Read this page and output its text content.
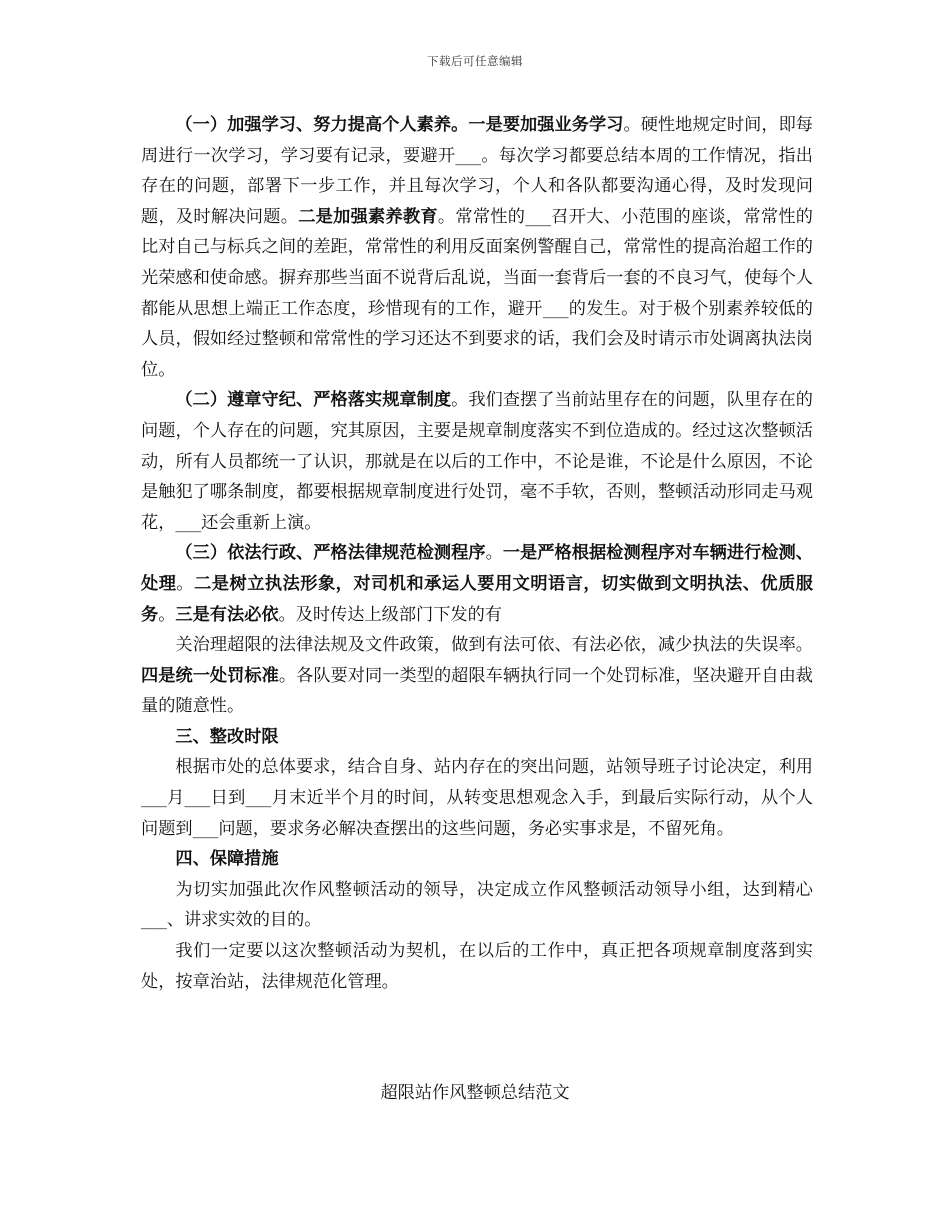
下载后可任意编辑

（一）加强学习、努力提高个人素养。一是要加强业务学习。硬性地规定时间，即每周进行一次学习，学习要有记录，要避开___。每次学习都要总结本周的工作情况，指出存在的问题，部署下一步工作，并且每次学习，个人和各队都要沟通心得，及时发现问题，及时解决问题。二是加强素养教育。常常性的___召开大、小范围的座谈，常常性的比对自己与标兵之间的差距，常常性的利用反面案例警醒自己，常常性的提高治超工作的光荣感和使命感。摒弃那些当面不说背后乱说，当面一套背后一套的不良习气，使每个人都能从思想上端正工作态度，珍惜现有的工作，避开___的发生。对于极个别素养较低的人员，假如经过整顿和常常性的学习还达不到要求的话，我们会及时请示市处调离执法岗位。

（二）遵章守纪、严格落实规章制度。我们查摆了当前站里存在的问题，队里存在的问题，个人存在的问题，究其原因，主要是规章制度落实不到位造成的。经过这次整顿活动，所有人员都统一了认识，那就是在以后的工作中，不论是谁，不论是什么原因，不论是触犯了哪条制度，都要根据规章制度进行处罚，毫不手软，否则，整顿活动形同走马观花，___还会重新上演。

（三）依法行政、严格法律规范检测程序。一是严格根据检测程序对车辆进行检测、处理。二是树立执法形象，对司机和承运人要用文明语言，切实做到文明执法、优质服务。三是有法必依。及时传达上级部门下发的有

关治理超限的法律法规及文件政策，做到有法可依、有法必依，减少执法的失误率。四是统一处罚标准。各队要对同一类型的超限车辆执行同一个处罚标准，坚决避开自由裁量的随意性。

三、整改时限

根据市处的总体要求，结合自身、站内存在的突出问题，站领导班子讨论决定，利用___月___日到___月末近半个月的时间，从转变思想观念入手，到最后实际行动，从个人问题到___问题，要求务必解决查摆出的这些问题，务必实事求是，不留死角。

四、保障措施

为切实加强此次作风整顿活动的领导，决定成立作风整顿活动领导小组，达到精心___、讲求实效的目的。

我们一定要以这次整顿活动为契机，在以后的工作中，真正把各项规章制度落到实处，按章治站，法律规范化管理。

超限站作风整顿总结范文
